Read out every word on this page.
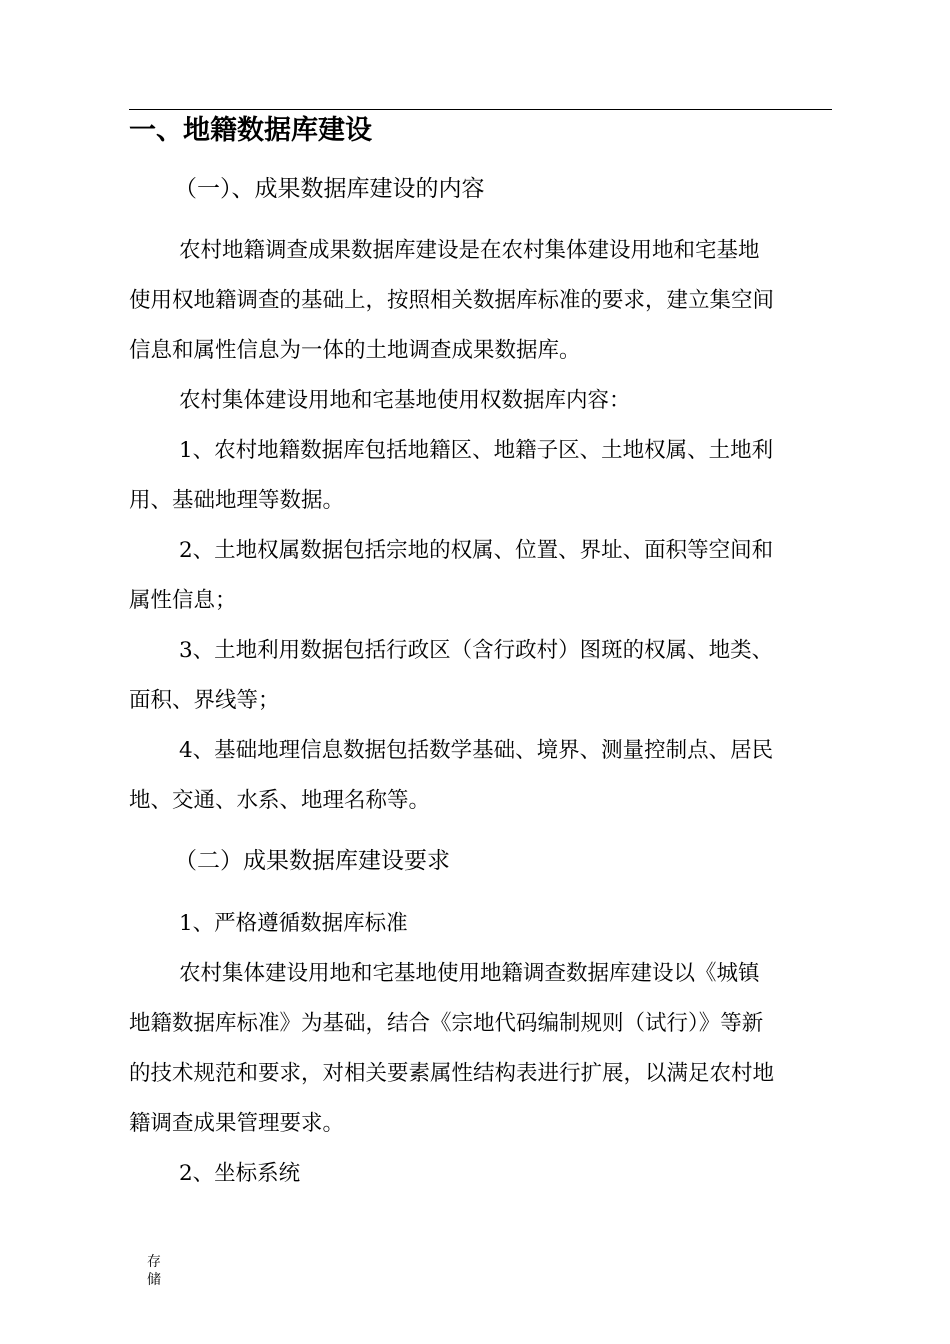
一、地籍数据库建设
（一）、成果数据库建设的内容
农村地籍调查成果数据库建设是在农村集体建设用地和宅基地
使用权地籍调查的基础上，按照相关数据库标准的要求，建立集空间
信息和属性信息为一体的土地调查成果数据库。
农村集体建设用地和宅基地使用权数据库内容：
1、农村地籍数据库包括地籍区、地籍子区、土地权属、土地利
用、基础地理等数据。
2、土地权属数据包括宗地的权属、位置、界址、面积等空间和
属性信息；
3、土地利用数据包括行政区（含行政村）图斑的权属、地类、
面积、界线等；
4、基础地理信息数据包括数学基础、境界、测量控制点、居民
地、交通、水系、地理名称等。
（二）成果数据库建设要求
1、严格遵循数据库标准
农村集体建设用地和宅基地使用地籍调查数据库建设以《城镇
地籍数据库标准》为基础，结合《宗地代码编制规则（试行）》等新
的技术规范和要求，对相关要素属性结构表进行扩展，以满足农村地
籍调查成果管理要求。
2、坐标系统
存
储
